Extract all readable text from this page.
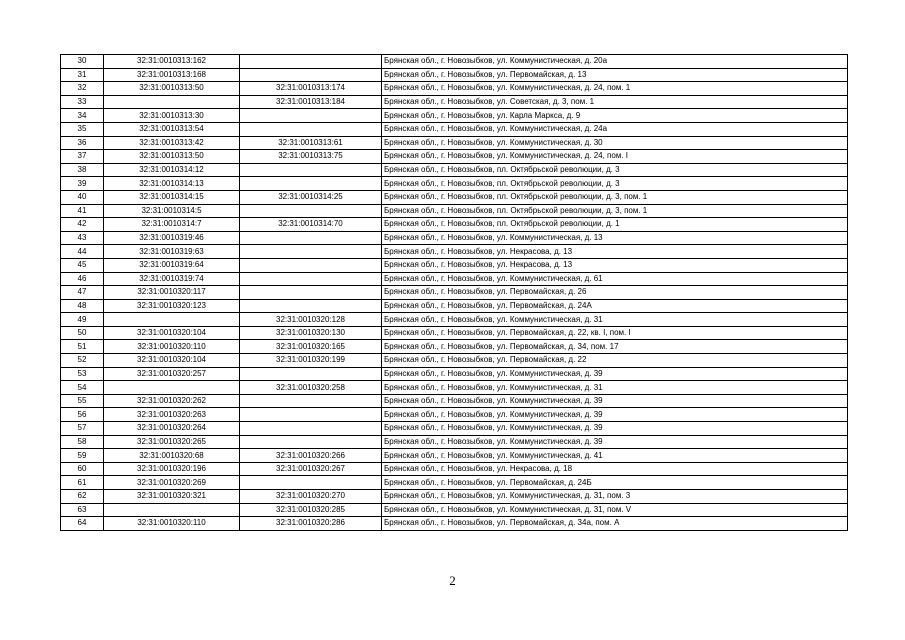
30	32:31:0010313:162		Брянская обл., г. Новозыбков, ул. Коммунистическая, д. 20а
31	32:31:0010313:168		Брянская обл., г. Новозыбков, ул. Первомайская, д. 13
32	32:31:0010313:50	32:31:0010313:174	Брянская обл., г. Новозыбков, ул. Коммунистическая, д. 24, пом. 1
33		32:31:0010313:184	Брянская обл., г. Новозыбков, ул. Советская, д. 3, пом. 1
34	32:31:0010313:30		Брянская обл., г. Новозыбков, ул. Карла Маркса, д. 9
35	32:31:0010313:54		Брянская обл., г. Новозыбков, ул. Коммунистическая, д. 24а
36	32:31:0010313:42	32:31:0010313:61	Брянская обл., г. Новозыбков, ул. Коммунистическая, д. 30
37	32:31:0010313:50	32:31:0010313:75	Брянская обл., г. Новозыбков, ул. Коммунистическая, д. 24, пом. I
38	32:31:0010314:12		Брянская обл., г. Новозыбков, пл. Октябрьской революции, д. 3
39	32:31:0010314:13		Брянская обл., г. Новозыбков, пл. Октябрьской революции, д. 3
40	32:31:0010314:15	32:31:0010314:25	Брянская обл., г. Новозыбков, пл. Октябрьской революции, д. 3, пом. 1
41	32:31:0010314:5		Брянская обл., г. Новозыбков, пл. Октябрьской революции, д. 3, пом. 1
42	32:31:0010314:7	32:31:0010314:70	Брянская обл., г. Новозыбков, пл. Октябрьской революции, д. 1
43	32:31:0010319:46		Брянская обл., г. Новозыбков, ул. Коммунистическая, д. 13
44	32:31:0010319:63		Брянская обл., г. Новозыбков, ул. Некрасова, д. 13
45	32:31:0010319:64		Брянская обл., г. Новозыбков, ул. Некрасова, д. 13
46	32:31:0010319:74		Брянская обл., г. Новозыбков, ул. Коммунистическая, д. 61
47	32:31:0010320:117		Брянская обл., г. Новозыбков, ул. Первомайская, д. 26
48	32:31:0010320:123		Брянская обл., г. Новозыбков, ул. Первомайская, д. 24А
49		32:31:0010320:128	Брянская обл., г. Новозыбков, ул. Коммунистическая, д. 31
50	32:31:0010320:104	32:31:0010320:130	Брянская обл., г. Новозыбков, ул. Первомайская, д. 22, кв. I, пом. I
51	32:31:0010320:110	32:31:0010320:165	Брянская обл., г. Новозыбков, ул. Первомайская, д. 34, пом. 17
52	32:31:0010320:104	32:31:0010320:199	Брянская обл., г. Новозыбков, ул. Первомайская, д. 22
53	32:31:0010320:257		Брянская обл., г. Новозыбков, ул. Коммунистическая, д. 39
54		32:31:0010320:258	Брянская обл., г. Новозыбков, ул. Коммунистическая, д. 31
55	32:31:0010320:262		Брянская обл., г. Новозыбков, ул. Коммунистическая, д. 39
56	32:31:0010320:263		Брянская обл., г. Новозыбков, ул. Коммунистическая, д. 39
57	32:31:0010320:264		Брянская обл., г. Новозыбков, ул. Коммунистическая, д. 39
58	32:31:0010320:265		Брянская обл., г. Новозыбков, ул. Коммунистическая, д. 39
59	32:31:0010320:68	32:31:0010320:266	Брянская обл., г. Новозыбков, ул. Коммунистическая, д. 41
60	32:31:0010320:196	32:31:0010320:267	Брянская обл., г. Новозыбков, ул. Некрасова, д. 18
61	32:31:0010320:269		Брянская обл., г. Новозыбков, ул. Первомайская, д. 24Б
62	32:31:0010320:321	32:31:0010320:270	Брянская обл., г. Новозыбков, ул. Коммунистическая, д. 31, пом. 3
63		32:31:0010320:285	Брянская обл., г. Новозыбков, ул. Коммунистическая, д. 31, пом. V
64	32:31:0010320:110	32:31:0010320:286	Брянская обл., г. Новозыбков, ул. Первомайская, д. 34а, пом. А
2
